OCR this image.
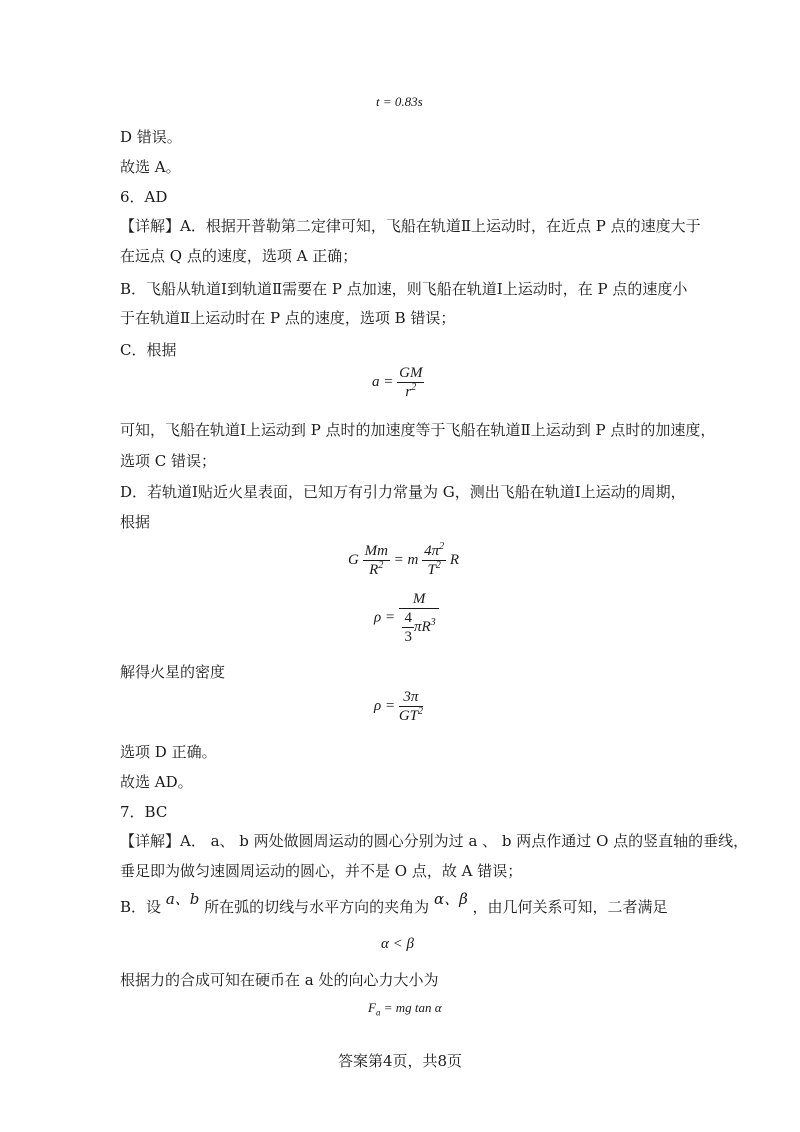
t = 0.83s
D 错误。
故选 A。
6．AD
【详解】A．根据开普勒第二定律可知，飞船在轨道Ⅱ上运动时，在近点 P 点的速度大于
在远点 Q 点的速度，选项 A 正确；
B．飞船从轨道Ⅰ到轨道Ⅱ需要在 P 点加速，则飞船在轨道Ⅰ上运动时，在 P 点的速度小
于在轨道Ⅱ上运动时在 P 点的速度，选项 B 错误；
C．根据
$a = \frac{GM}{r^2}$
可知，飞船在轨道Ⅰ上运动到 P 点时的加速度等于飞船在轨道Ⅱ上运动到 P 点时的加速度，
选项 C 错误；
D．若轨道Ⅰ贴近火星表面，已知万有引力常量为 G，测出飞船在轨道Ⅰ上运动的周期，
根据
G $\frac{Mm}{R^2} = m \frac{4\pi^2}{T^2}$ R
$\rho = \frac{M}{\frac{4}{3} \pi R^3}$
解得火星的密度
$\rho = \frac{3\pi}{GT^2}$
选项 D 正确。
故选 AD。
7．BC
【详解】A． a、 b 两处做圆周运动的圆心分别为过 a 、 b 两点作通过 O 点的竖直轴的垂线，
垂足即为做匀速圆周运动的圆心，并不是 O 点，故 A 错误；
B．设 a、b 所在弧的切线与水平方向的夹角为 α、β ，由几何关系可知，二者满足
α < β
根据力的合成可知在硬币在 a 处的向心力大小为
$F_a$ = mg tan α
答案第4页，共8页
